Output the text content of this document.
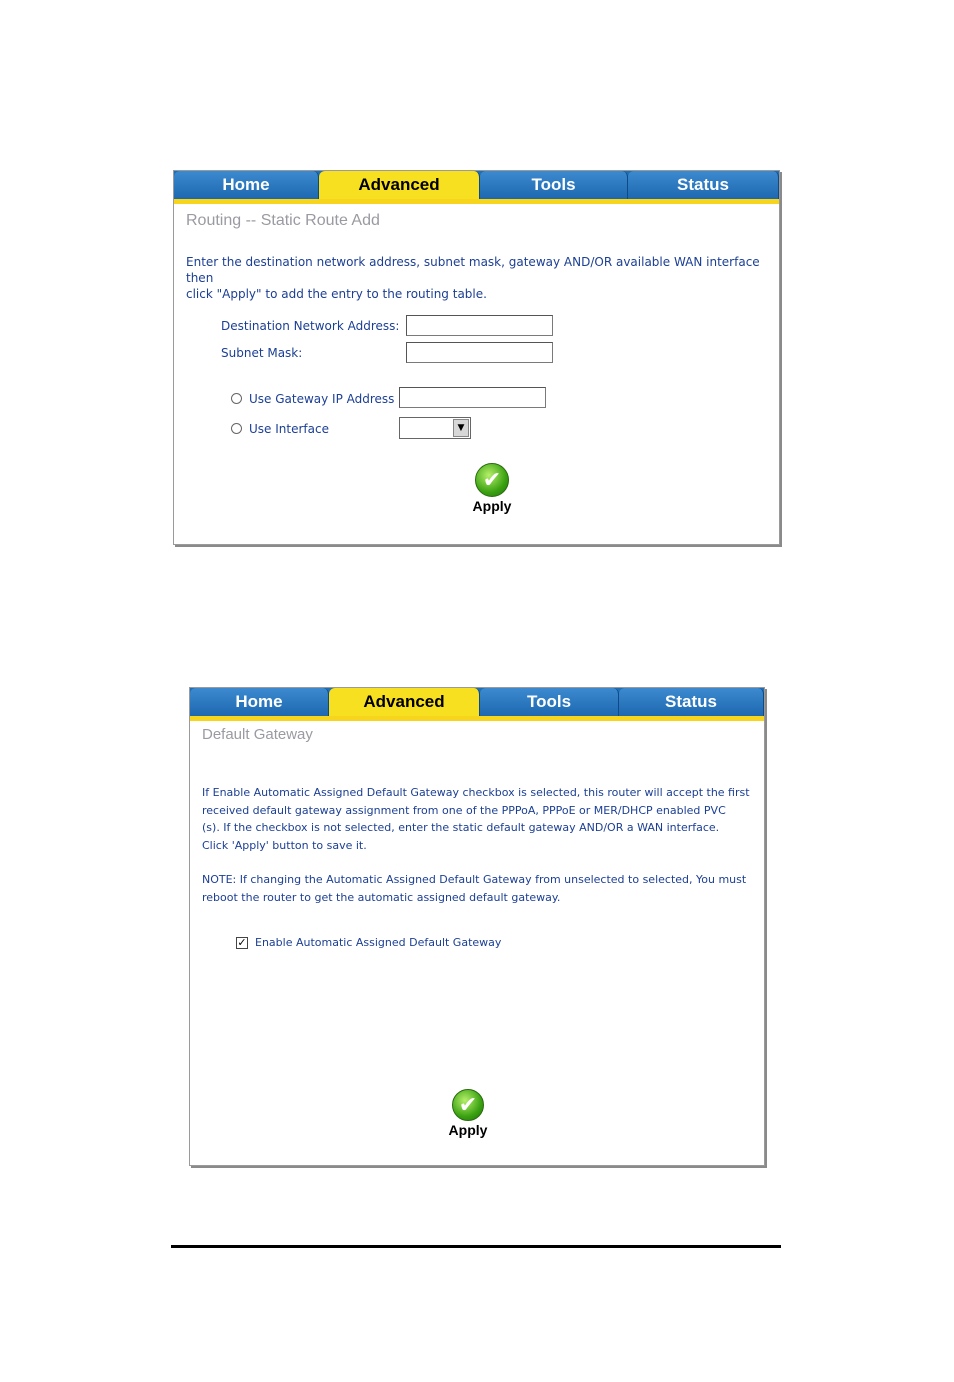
Home	Advanced	Tools	Status
Routing -- Static Route Add
Enter the destination network address, subnet mask, gateway AND/OR available WAN interface then
click "Apply" to add the entry to the routing table.
Destination Network Address:
Subnet Mask:
Use Gateway IP Address
Use Interface	▼
✔
Apply
Home	Advanced	Tools	Status
Default Gateway
If Enable Automatic Assigned Default Gateway checkbox is selected, this router will accept the first
received default gateway assignment from one of the PPPoA, PPPoE or MER/DHCP enabled PVC
(s). If the checkbox is not selected, enter the static default gateway AND/OR a WAN interface.
Click 'Apply' button to save it.
NOTE: If changing the Automatic Assigned Default Gateway from unselected to selected, You must
reboot the router to get the automatic assigned default gateway.
✓ Enable Automatic Assigned Default Gateway
✔
Apply
